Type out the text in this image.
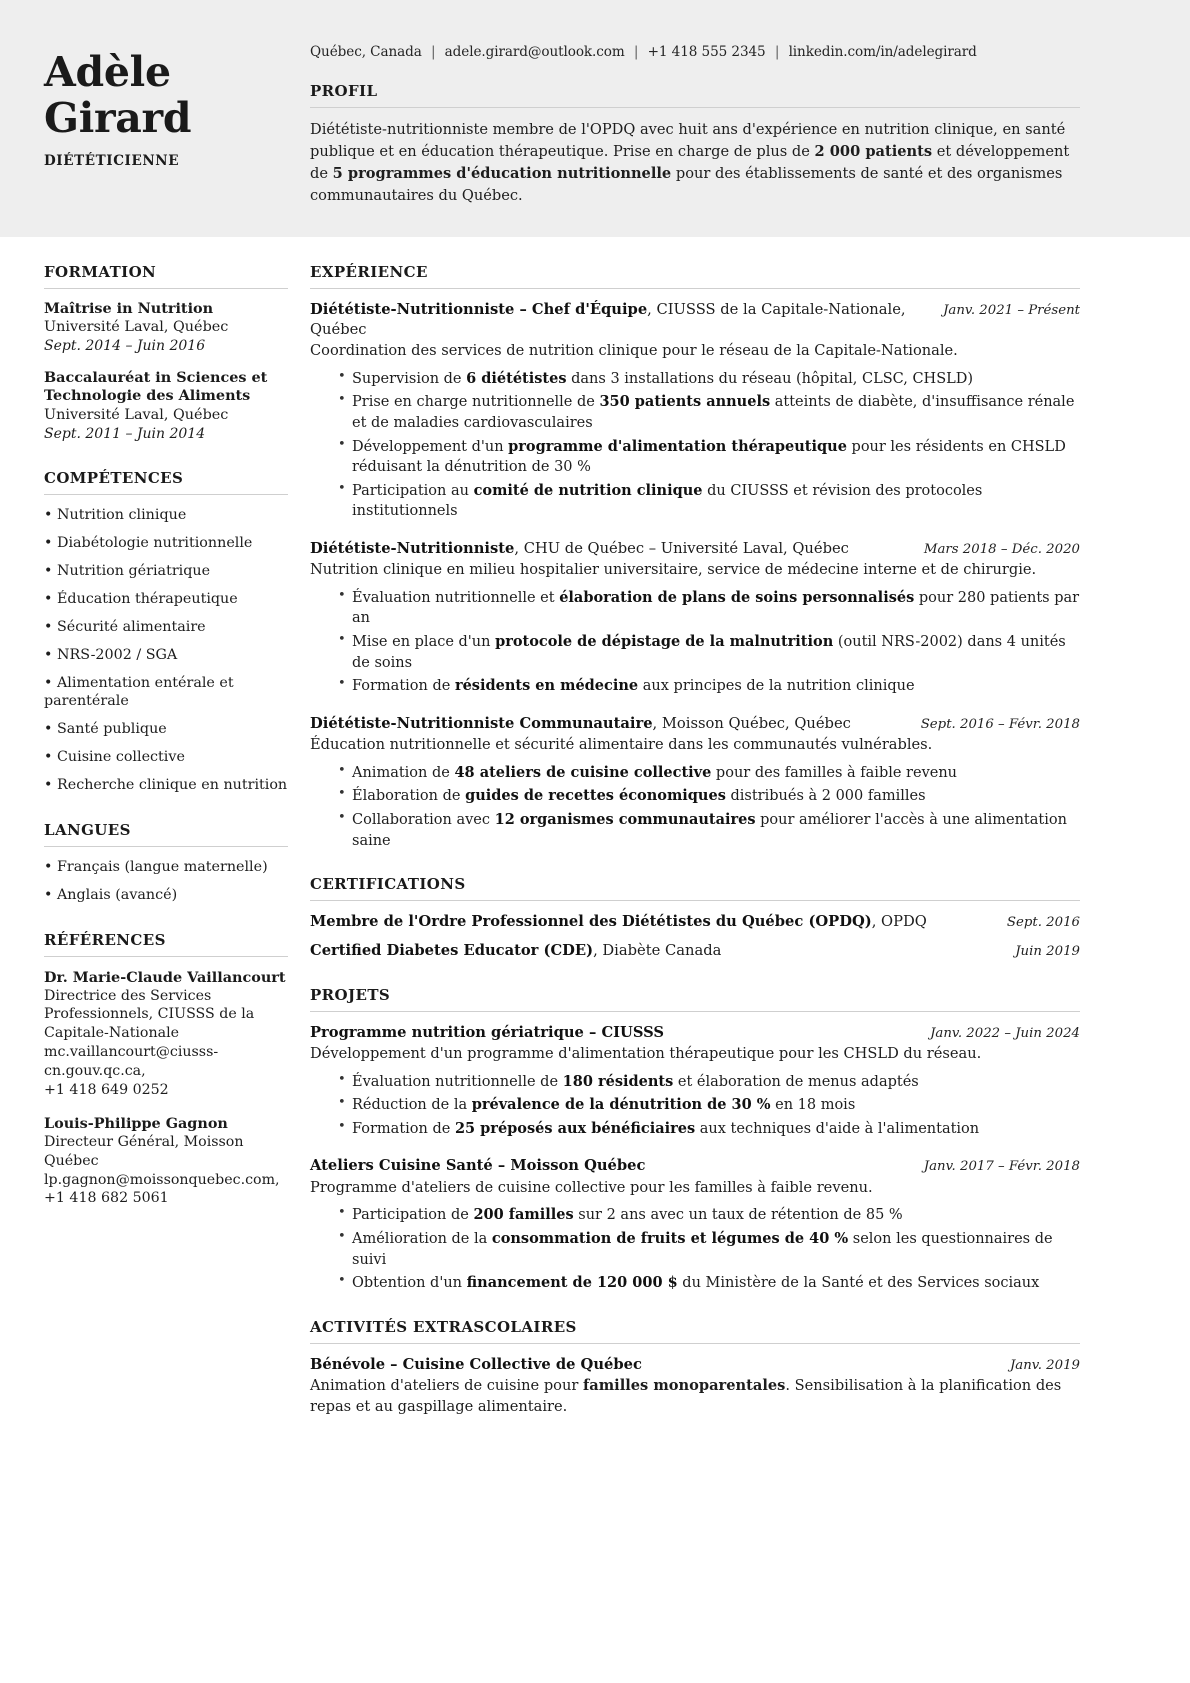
Adèle
Girard
DIÉTÉTICIENNE
Québec, Canada | adele.girard@outlook.com | +1 418 555 2345 | linkedin.com/in/adelegirard
PROFIL
Diététiste-nutritionniste membre de l'OPDQ avec huit ans d'expérience en nutrition clinique, en santé publique et en éducation thérapeutique. Prise en charge de plus de 2 000 patients et développement de 5 programmes d'éducation nutritionnelle pour des établissements de santé et des organismes communautaires du Québec.
FORMATION
Maîtrise in Nutrition
Université Laval, Québec
Sept. 2014 – Juin 2016
Baccalauréat in Sciences et Technologie des Aliments
Université Laval, Québec
Sept. 2011 – Juin 2014
COMPÉTENCES
• Nutrition clinique
• Diabétologie nutritionnelle
• Nutrition gériatrique
• Éducation thérapeutique
• Sécurité alimentaire
• NRS-2002 / SGA
• Alimentation entérale et parentérale
• Santé publique
• Cuisine collective
• Recherche clinique en nutrition
LANGUES
• Français (langue maternelle)
• Anglais (avancé)
RÉFÉRENCES
Dr. Marie-Claude Vaillancourt
Directrice des Services Professionnels, CIUSSS de la Capitale-Nationale
mc.vaillancourt@ciusss-cn.gouv.qc.ca,
+1 418 649 0252
Louis-Philippe Gagnon
Directeur Général, Moisson Québec
lp.gagnon@moissonquebec.com,
+1 418 682 5061
EXPÉRIENCE
Diététiste-Nutritionniste – Chef d'Équipe, CIUSSS de la Capitale-Nationale, Québec
Janv. 2021 – Présent
Coordination des services de nutrition clinique pour le réseau de la Capitale-Nationale.
• Supervision de 6 diététistes dans 3 installations du réseau (hôpital, CLSC, CHSLD)
• Prise en charge nutritionnelle de 350 patients annuels atteints de diabète, d'insuffisance rénale et de maladies cardiovasculaires
• Développement d'un programme d'alimentation thérapeutique pour les résidents en CHSLD réduisant la dénutrition de 30 %
• Participation au comité de nutrition clinique du CIUSSS et révision des protocoles institutionnels
Diététiste-Nutritionniste, CHU de Québec – Université Laval, Québec	Mars 2018 – Déc. 2020
Nutrition clinique en milieu hospitalier universitaire, service de médecine interne et de chirurgie.
• Évaluation nutritionnelle et élaboration de plans de soins personnalisés pour 280 patients par an
• Mise en place d'un protocole de dépistage de la malnutrition (outil NRS-2002) dans 4 unités de soins
• Formation de résidents en médecine aux principes de la nutrition clinique
Diététiste-Nutritionniste Communautaire, Moisson Québec, Québec	Sept. 2016 – Févr. 2018
Éducation nutritionnelle et sécurité alimentaire dans les communautés vulnérables.
• Animation de 48 ateliers de cuisine collective pour des familles à faible revenu
• Élaboration de guides de recettes économiques distribués à 2 000 familles
• Collaboration avec 12 organismes communautaires pour améliorer l'accès à une alimentation saine
CERTIFICATIONS
Membre de l'Ordre Professionnel des Diététistes du Québec (OPDQ), OPDQ	Sept. 2016
Certified Diabetes Educator (CDE), Diabète Canada	Juin 2019
PROJETS
Programme nutrition gériatrique – CIUSSS	Janv. 2022 – Juin 2024
Développement d'un programme d'alimentation thérapeutique pour les CHSLD du réseau.
• Évaluation nutritionnelle de 180 résidents et élaboration de menus adaptés
• Réduction de la prévalence de la dénutrition de 30 % en 18 mois
• Formation de 25 préposés aux bénéficiaires aux techniques d'aide à l'alimentation
Ateliers Cuisine Santé – Moisson Québec	Janv. 2017 – Févr. 2018
Programme d'ateliers de cuisine collective pour les familles à faible revenu.
• Participation de 200 familles sur 2 ans avec un taux de rétention de 85 %
• Amélioration de la consommation de fruits et légumes de 40 % selon les questionnaires de suivi
• Obtention d'un financement de 120 000 $ du Ministère de la Santé et des Services sociaux
ACTIVITÉS EXTRASCOLAIRES
Bénévole – Cuisine Collective de Québec	Janv. 2019
Animation d'ateliers de cuisine pour familles monoparentales. Sensibilisation à la planification des repas et au gaspillage alimentaire.
